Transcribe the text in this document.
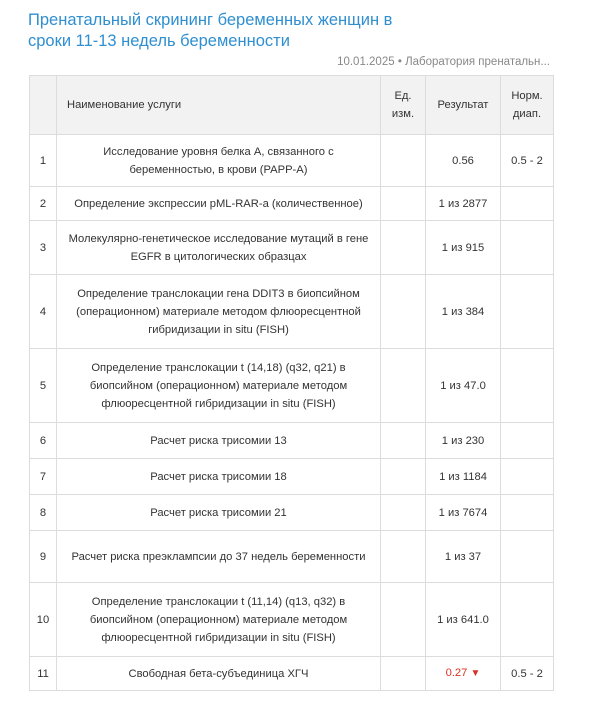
Пренатальный скрининг беременных женщин в сроки 11-13 недель беременности
10.01.2025 • Лаборатория пренатальн...
	Наименование услуги	Ед. изм.	Результат	Норм. диап.
1	Исследование уровня белка А, связанного с беременностью, в крови (PAPP-A)		0.56	0.5 - 2
2	Определение экспрессии pML-RAR-a (количественное)		1 из 2877	
3	Молекулярно-генетическое исследование мутаций в гене EGFR в цитологических образцах		1 из 915	
4	Определение транслокации гена DDIT3 в биопсийном (операционном) материале методом флюоресцентной гибридизации in situ (FISH)		1 из 384	
5	Определение транслокации t (14,18) (q32, q21) в биопсийном (операционном) материале методом флюоресцентной гибридизации in situ (FISH)		1 из 47.0	
6	Расчет риска трисомии 13		1 из 230	
7	Расчет риска трисомии 18		1 из 1184	
8	Расчет риска трисомии 21		1 из 7674	
9	Расчет риска преэклампсии до 37 недель беременности		1 из 37	
10	Определение транслокации t (11,14) (q13, q32) в биопсийном (операционном) материале методом флюоресцентной гибридизации in situ (FISH)		1 из 641.0	
11	Свободная бета-субъединица ХГЧ		0.27 ▼	0.5 - 2
